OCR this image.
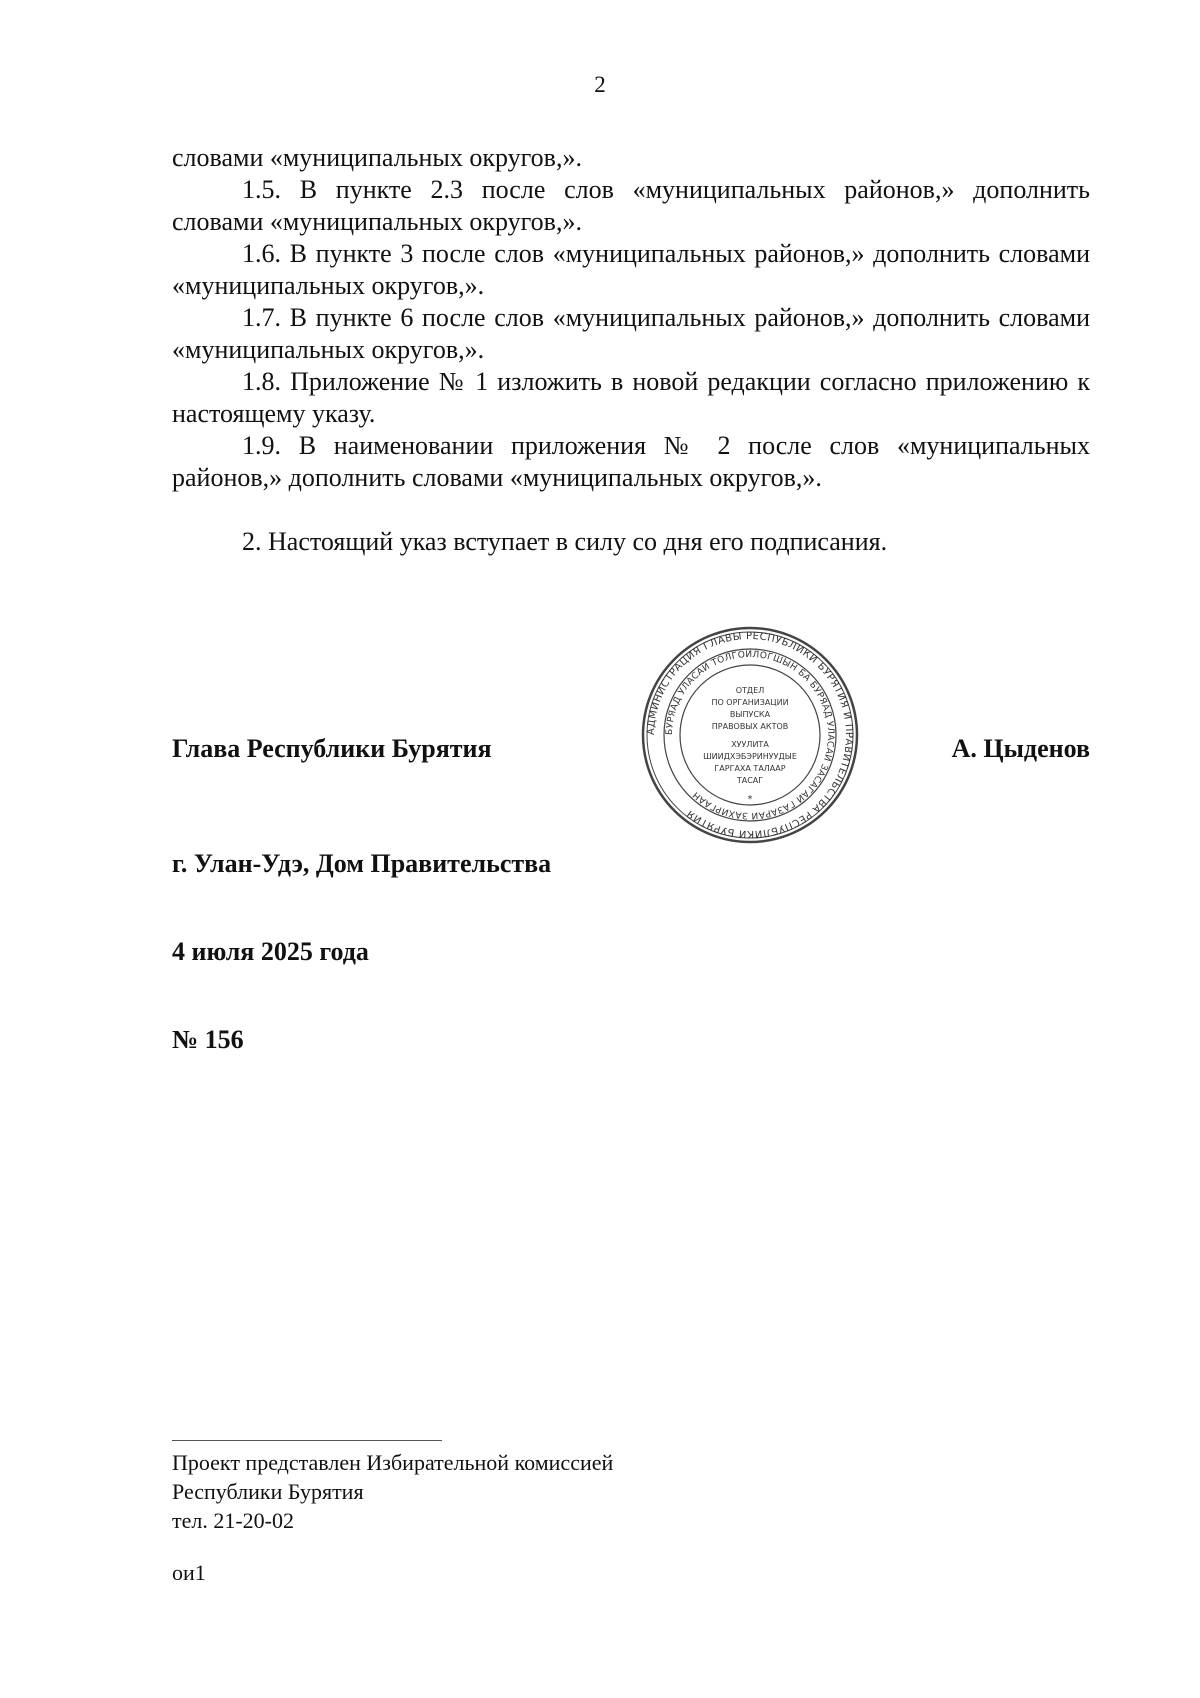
2

словами «муниципальных округов,».

1.5. В пункте 2.3 после слов «муниципальных районов,» дополнить словами «муниципальных округов,».

1.6. В пункте 3 после слов «муниципальных районов,» дополнить словами «муниципальных округов,».

1.7. В пункте 6 после слов «муниципальных районов,» дополнить словами «муниципальных округов,».

1.8. Приложение № 1 изложить в новой редакции согласно приложению к настоящему указу.

1.9. В наименовании приложения № 2 после слов «муниципальных районов,» дополнить словами «муниципальных округов,».

2. Настоящий указ вступает в силу со дня его подписания.

Глава Республики Бурятия
АДМИНИСТРАЦИЯ ГЛАВЫ РЕСПУБЛИКИ БУРЯТИЯ И ПРАВИТЕЛЬСТВА РЕСПУБЛИКИ БУРЯТИЯ
БУРЯАД УЛАСАЙ ТОЛГОЙЛОГШЫН БА БУРЯАД УЛАСАЙ ЗАСАГАЙ ГАЗАРАЙ ЗАХИРГААН
ОТДЕЛ
ПО ОРГАНИЗАЦИИ
ВЫПУСКА
ПРАВОВЫХ АКТОВ
ХУУЛИТА
ШИИДХЭБЭРИНУУДЫЕ
ГАРГАХА ТАЛААР
ТАСАГ
*
А. Цыденов
г. Улан-Удэ, Дом Правительства
4 июля 2025 года
№ 156
Проект представлен Избирательной комиссией
Республики Бурятия
тел. 21-20-02
ои1
